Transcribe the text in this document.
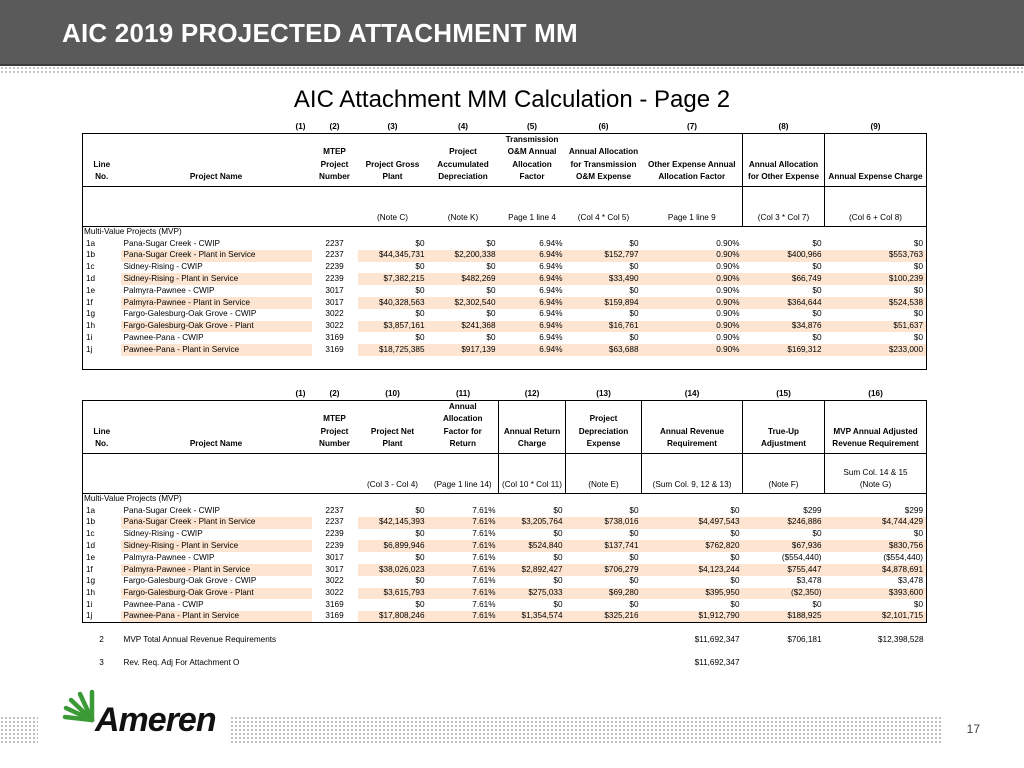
AIC 2019 PROJECTED ATTACHMENT MM
AIC Attachment MM Calculation - Page 2
(1)		(2)	(3)	(4)	(5)	(6)	(7)	(8)	(9)
Line No.	Project Name	MTEP Project Number	Project Gross Plant	Project Accumulated Depreciation	Transmission O&M Annual Allocation Factor	Annual Allocation for Transmission O&M Expense	Other Expense Annual Allocation Factor	Annual Allocation for Other Expense	Annual Expense Charge
			(Note C)	(Note K)	Page 1 line 4	(Col 4 * Col 5)	Page 1 line 9	(Col 3 * Col 7)	(Col 6 + Col 8)
Multi-Value Projects (MVP)									
1a	Pana-Sugar Creek - CWIP	2237	$0	$0	6.94%	$0	0.90%	$0	$0
1b	Pana-Sugar Creek - Plant in Service	2237	$44,345,731	$2,200,338	6.94%	$152,797	0.90%	$400,966	$553,763
1c	Sidney-Rising - CWIP	2239	$0	$0	6.94%	$0	0.90%	$0	$0
1d	Sidney-Rising - Plant in Service	2239	$7,382,215	$482,269	6.94%	$33,490	0.90%	$66,749	$100,239
1e	Palmyra-Pawnee - CWIP	3017	$0	$0	6.94%	$0	0.90%	$0	$0
1f	Palmyra-Pawnee - Plant in Service	3017	$40,328,563	$2,302,540	6.94%	$159,894	0.90%	$364,644	$524,538
1g	Fargo-Galesburg-Oak Grove - CWIP	3022	$0	$0	6.94%	$0	0.90%	$0	$0
1h	Fargo-Galesburg-Oak Grove - Plant	3022	$3,857,161	$241,368	6.94%	$16,761	0.90%	$34,876	$51,637
1i	Pawnee-Pana - CWIP	3169	$0	$0	6.94%	$0	0.90%	$0	$0
1j	Pawnee-Pana - Plant in Service	3169	$18,725,385	$917,139	6.94%	$63,688	0.90%	$169,312	$233,000

(1)		(2)	(10)	(11)	(12)	(13)	(14)	(15)	(16)
Line No.	Project Name	MTEP Project Number	Project Net Plant	Annual Allocation Factor for Return	Annual Return Charge	Project Depreciation Expense	Annual Revenue Requirement	True-Up Adjustment	MVP Annual Adjusted Revenue Requirement
			(Col 3 - Col 4)	(Page 1 line 14)	(Col 10 * Col 11)	(Note E)	(Sum Col. 9, 12 & 13)	(Note F)	Sum Col. 14 & 15 (Note G)
Multi-Value Projects (MVP)									
1a	Pana-Sugar Creek - CWIP	2237	$0	7.61%	$0	$0	$0	$299	$299
1b	Pana-Sugar Creek - Plant in Service	2237	$42,145,393	7.61%	$3,205,764	$738,016	$4,497,543	$246,886	$4,744,429
1c	Sidney-Rising - CWIP	2239	$0	7.61%	$0	$0	$0	$0	$0
1d	Sidney-Rising - Plant in Service	2239	$6,899,946	7.61%	$524,840	$137,741	$762,820	$67,936	$830,756
1e	Palmyra-Pawnee - CWIP	3017	$0	7.61%	$0	$0	$0	($554,440)	($554,440)
1f	Palmyra-Pawnee - Plant in Service	3017	$38,026,023	7.61%	$2,892,427	$706,279	$4,123,244	$755,447	$4,878,691
1g	Fargo-Galesburg-Oak Grove - CWIP	3022	$0	7.61%	$0	$0	$0	$3,478	$3,478
1h	Fargo-Galesburg-Oak Grove - Plant	3022	$3,615,793	7.61%	$275,033	$69,280	$395,950	($2,350)	$393,600
1i	Pawnee-Pana - CWIP	3169	$0	7.61%	$0	$0	$0	$0	$0
1j	Pawnee-Pana - Plant in Service	3169	$17,808,246	7.61%	$1,354,574	$325,216	$1,912,790	$188,925	$2,101,715

2	MVP Total Annual Revenue Requirements					$11,692,347		$706,181	$12,398,528

3	Rev. Req. Adj For Attachment O					$11,692,347			
Ameren	17
